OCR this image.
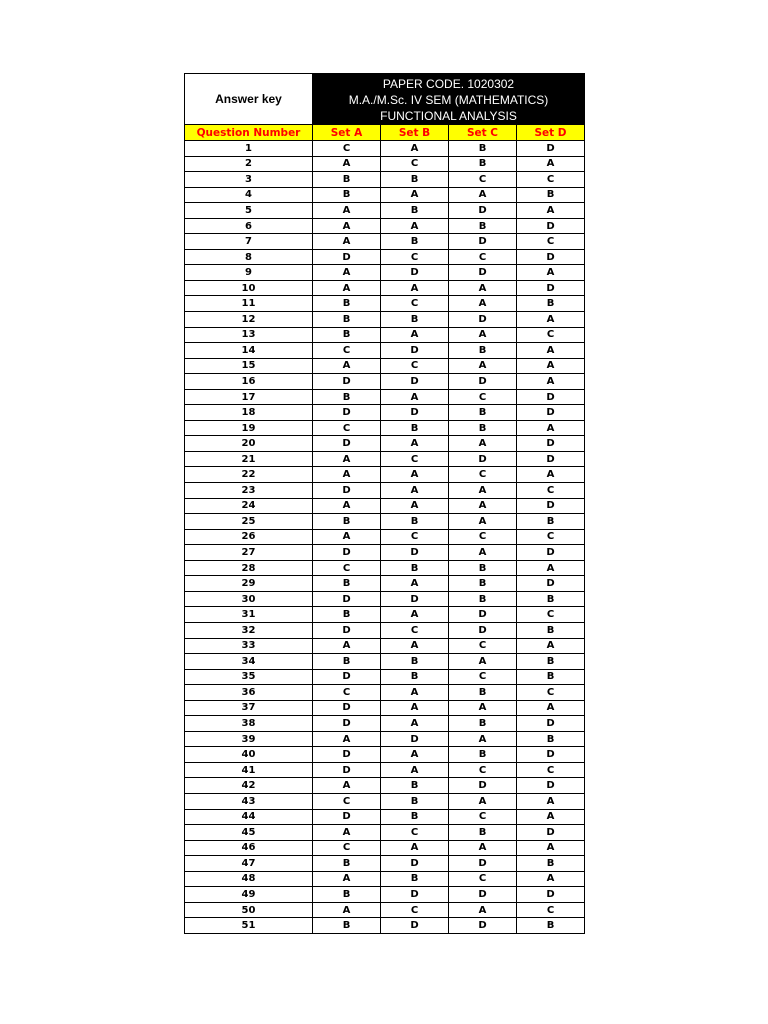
Answer key	PAPER CODE. 1020302
M.A./M.Sc. IV SEM (MATHEMATICS)
FUNCTIONAL ANALYSIS			

Question Number	Set A	Set B	Set C	Set D
1	C	A	B	D
2	A	C	B	A
3	B	B	C	C
4	B	A	A	B
5	A	B	D	A
6	A	A	B	D
7	A	B	D	C
8	D	C	C	D
9	A	D	D	A
10	A	A	A	D
11	B	C	A	B
12	B	B	D	A
13	B	A	A	C
14	C	D	B	A
15	A	C	A	A
16	D	D	D	A
17	B	A	C	D
18	D	D	B	D
19	C	B	B	A
20	D	A	A	D
21	A	C	D	D
22	A	A	C	A
23	D	A	A	C
24	A	A	A	D
25	B	B	A	B
26	A	C	C	C
27	D	D	A	D
28	C	B	B	A
29	B	A	B	D
30	D	D	B	B
31	B	A	D	C
32	D	C	D	B
33	A	A	C	A
34	B	B	A	B
35	D	B	C	B
36	C	A	B	C
37	D	A	A	A
38	D	A	B	D
39	A	D	A	B
40	D	A	B	D
41	D	A	C	C
42	A	B	D	D
43	C	B	A	A
44	D	B	C	A
45	A	C	B	D
46	C	A	A	A
47	B	D	D	B
48	A	B	C	A
49	B	D	D	D
50	A	C	A	C
51	B	D	D	B
